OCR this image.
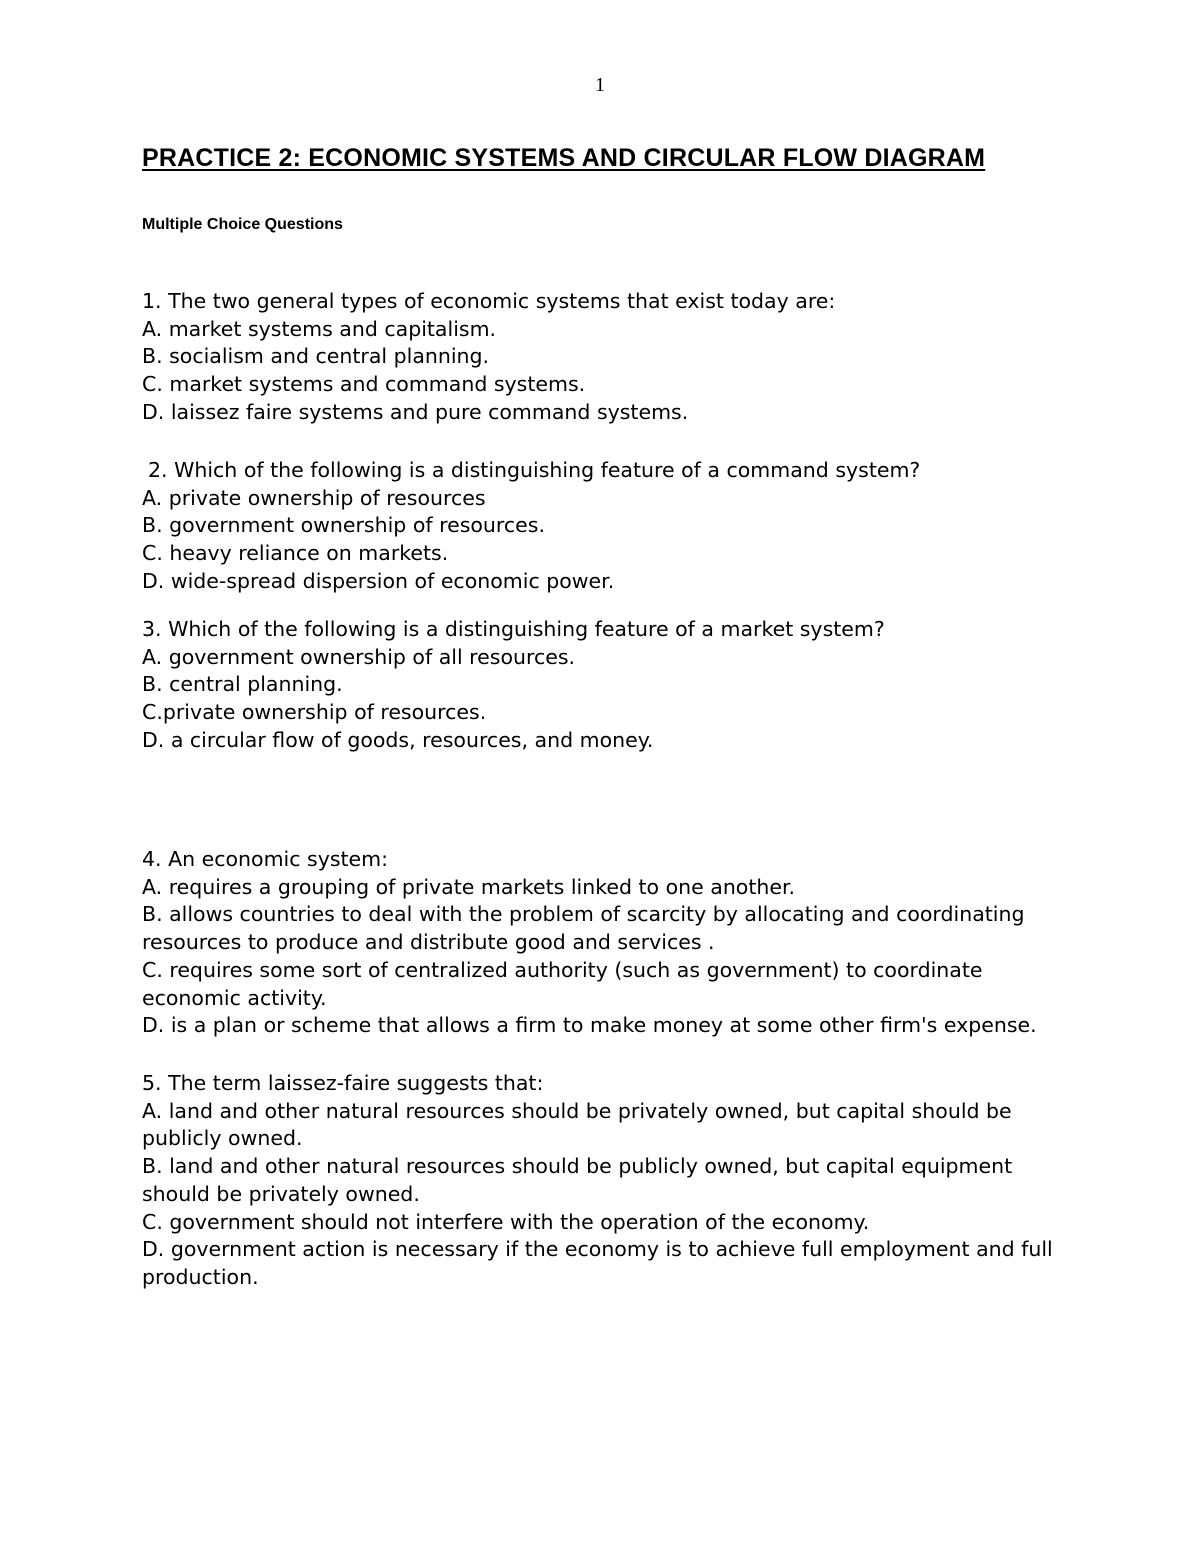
1
PRACTICE 2: ECONOMIC SYSTEMS AND CIRCULAR FLOW DIAGRAM
Multiple Choice Questions
1. The two general types of economic systems that exist today are:
A. market systems and capitalism.
B. socialism and central planning.
C. market systems and command systems.
D. laissez faire systems and pure command systems.
2. Which of the following is a distinguishing feature of a command system?
A. private ownership of resources
B. government ownership of resources.
C. heavy reliance on markets.
D. wide-spread dispersion of economic power.
3. Which of the following is a distinguishing feature of a market system?
A. government ownership of all resources.
B. central planning.
C.private ownership of resources.
D. a circular flow of goods, resources, and money.
4. An economic system:
A. requires a grouping of private markets linked to one another.
B. allows countries to deal with the problem of scarcity by allocating and coordinating resources to produce and distribute good and services .
C. requires some sort of centralized authority (such as government) to coordinate economic activity.
D. is a plan or scheme that allows a firm to make money at some other firm's expense.
5. The term laissez-faire suggests that:
A. land and other natural resources should be privately owned, but capital should be publicly owned.
B. land and other natural resources should be publicly owned, but capital equipment should be privately owned.
C. government should not interfere with the operation of the economy.
D. government action is necessary if the economy is to achieve full employment and full production.
